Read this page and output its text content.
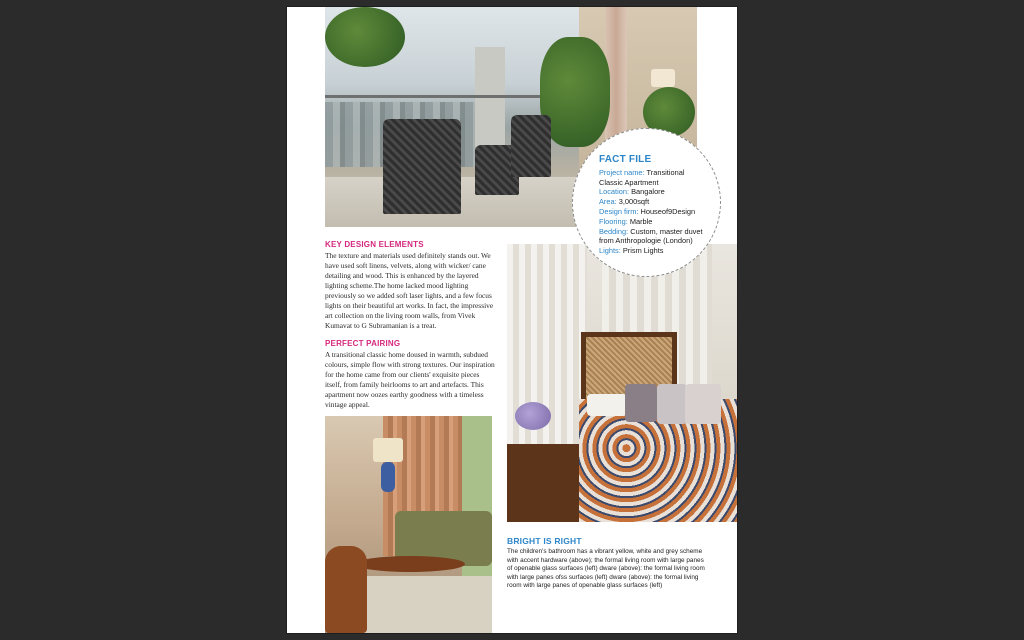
FACT FILE
Project name: Transitional Classic Apartment
Location: Bangalore
Area: 3,000sqft
Design firm: Houseof9Design
Flooring: Marble
Bedding: Custom, master duvet from Anthropologie (London)
Lights: Prism Lights
KEY DESIGN ELEMENTS

The texture and materials used definitely stands out. We have used soft linens, velvets, along with wicker/ cane detailing and wood. This is enhanced by the layered lighting scheme.The home lacked mood lighting previously so we added soft laser lights, and a few focus lights on their beautiful art works. In fact, the impressive art collection on the living room walls, from Vivek Kumavat to G Subramanian is a treat.

PERFECT PAIRING

A transitional classic home doused in warmth, subdued colours, simple flow with strong textures. Our inspiration for the home came from our clients' exquisite pieces itself, from family heirlooms to art and artefacts. This apartment now oozes earthy goodness with a timeless vintage appeal.

BRIGHT IS RIGHT

The children's bathroom has a vibrant yellow, white and grey scheme with accent hardware (above); the formal living room with large panes of openable glass surfaces (left) dware (above): the formal living room with large panes ofss surfaces (left) dware (above): the formal living room with large panes of openable glass surfaces (left)
